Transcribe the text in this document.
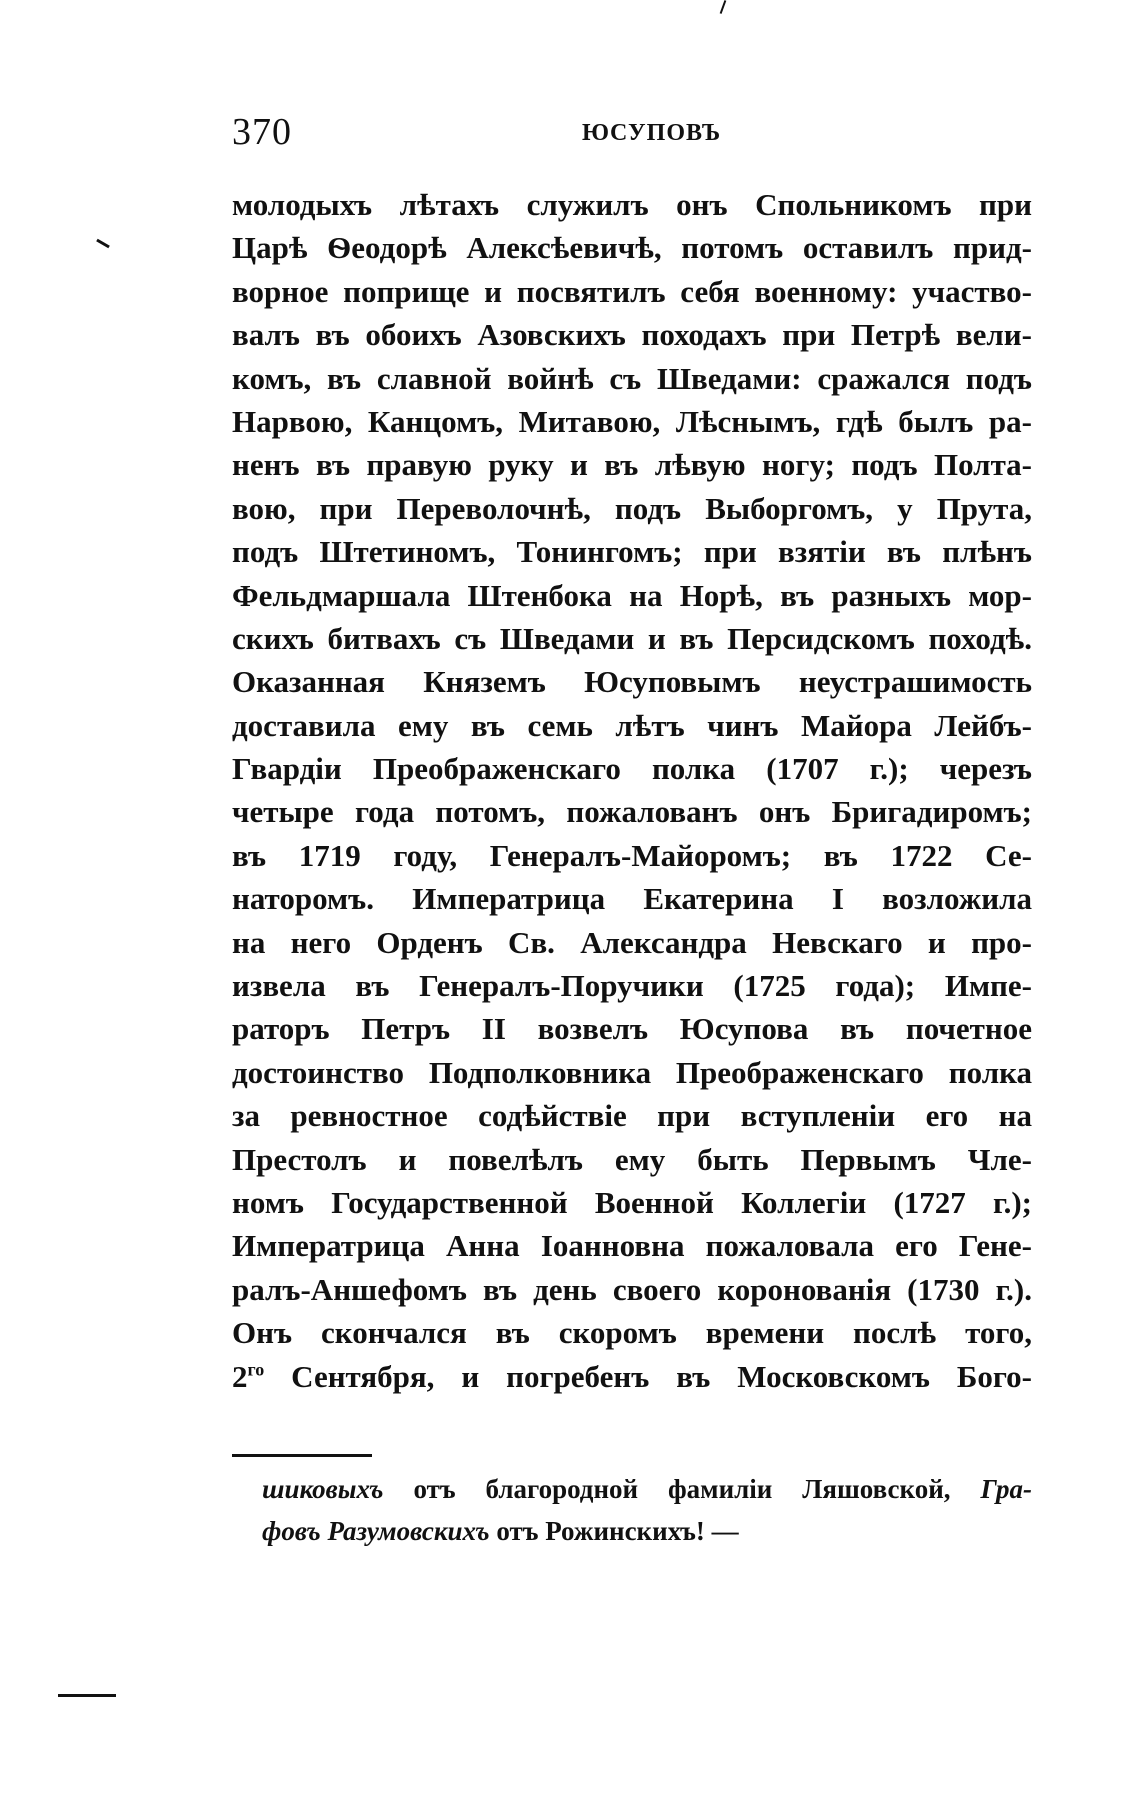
370	ЮСУПОВЪ
молодыхъ лѣтахъ служилъ онъ Спольникомъ при
Царѣ Ѳеодорѣ Алексѣевичѣ, потомъ оставилъ прид-
ворное поприще и посвятилъ себя военному: участво-
валъ въ обоихъ Азовскихъ походахъ при Петрѣ вели-
комъ, въ славной войнѣ съ Шведами: сражался подъ
Нарвою, Канцомъ, Митавою, Лѣснымъ, гдѣ былъ ра-
ненъ въ правую руку и въ лѣвую ногу; подъ Полта-
вою, при Переволочнѣ, подъ Выборгомъ, у Прута,
подъ Штетиномъ, Тонингомъ; при взятіи въ плѣнъ
Фельдмаршала Штенбока на Норѣ, въ разныхъ мор-
скихъ битвахъ съ Шведами и въ Персидскомъ походѣ.
Оказанная Княземъ Юсуповымъ неустрашимость
доставила ему въ семь лѣтъ чинъ Майора Лейбъ-
Гвардіи Преображенскаго полка (1707 г.); черезъ
четыре года потомъ, пожалованъ онъ Бригадиромъ;
въ 1719 году, Генералъ-Майоромъ; въ 1722 Се-
наторомъ. Императрица Екатерина I возложила
на него Орденъ Св. Александра Невскаго и про-
извела въ Генералъ-Поручики (1725 года); Импе-
раторъ Петръ II возвелъ Юсупова въ почетное
достоинство Подполковника Преображенскаго полка
за ревностное содѣйствіе при вступленіи его на
Престолъ и повелѣлъ ему быть Первымъ Чле-
номъ Государственной Военной Коллегіи (1727 г.);
Императрица Анна Іоанновна пожаловала его Гене-
ралъ-Аншефомъ въ день своего коронованія (1730 г.).
Онъ скончался въ скоромъ времени послѣ того,
$2^{го}$ Сентября, и погребенъ въ Московскомъ Бого-
шиковыхъ отъ благородной фамиліи Ляшовской, Гра-
фовъ Разумовскихъ отъ Рожинскихъ! —
